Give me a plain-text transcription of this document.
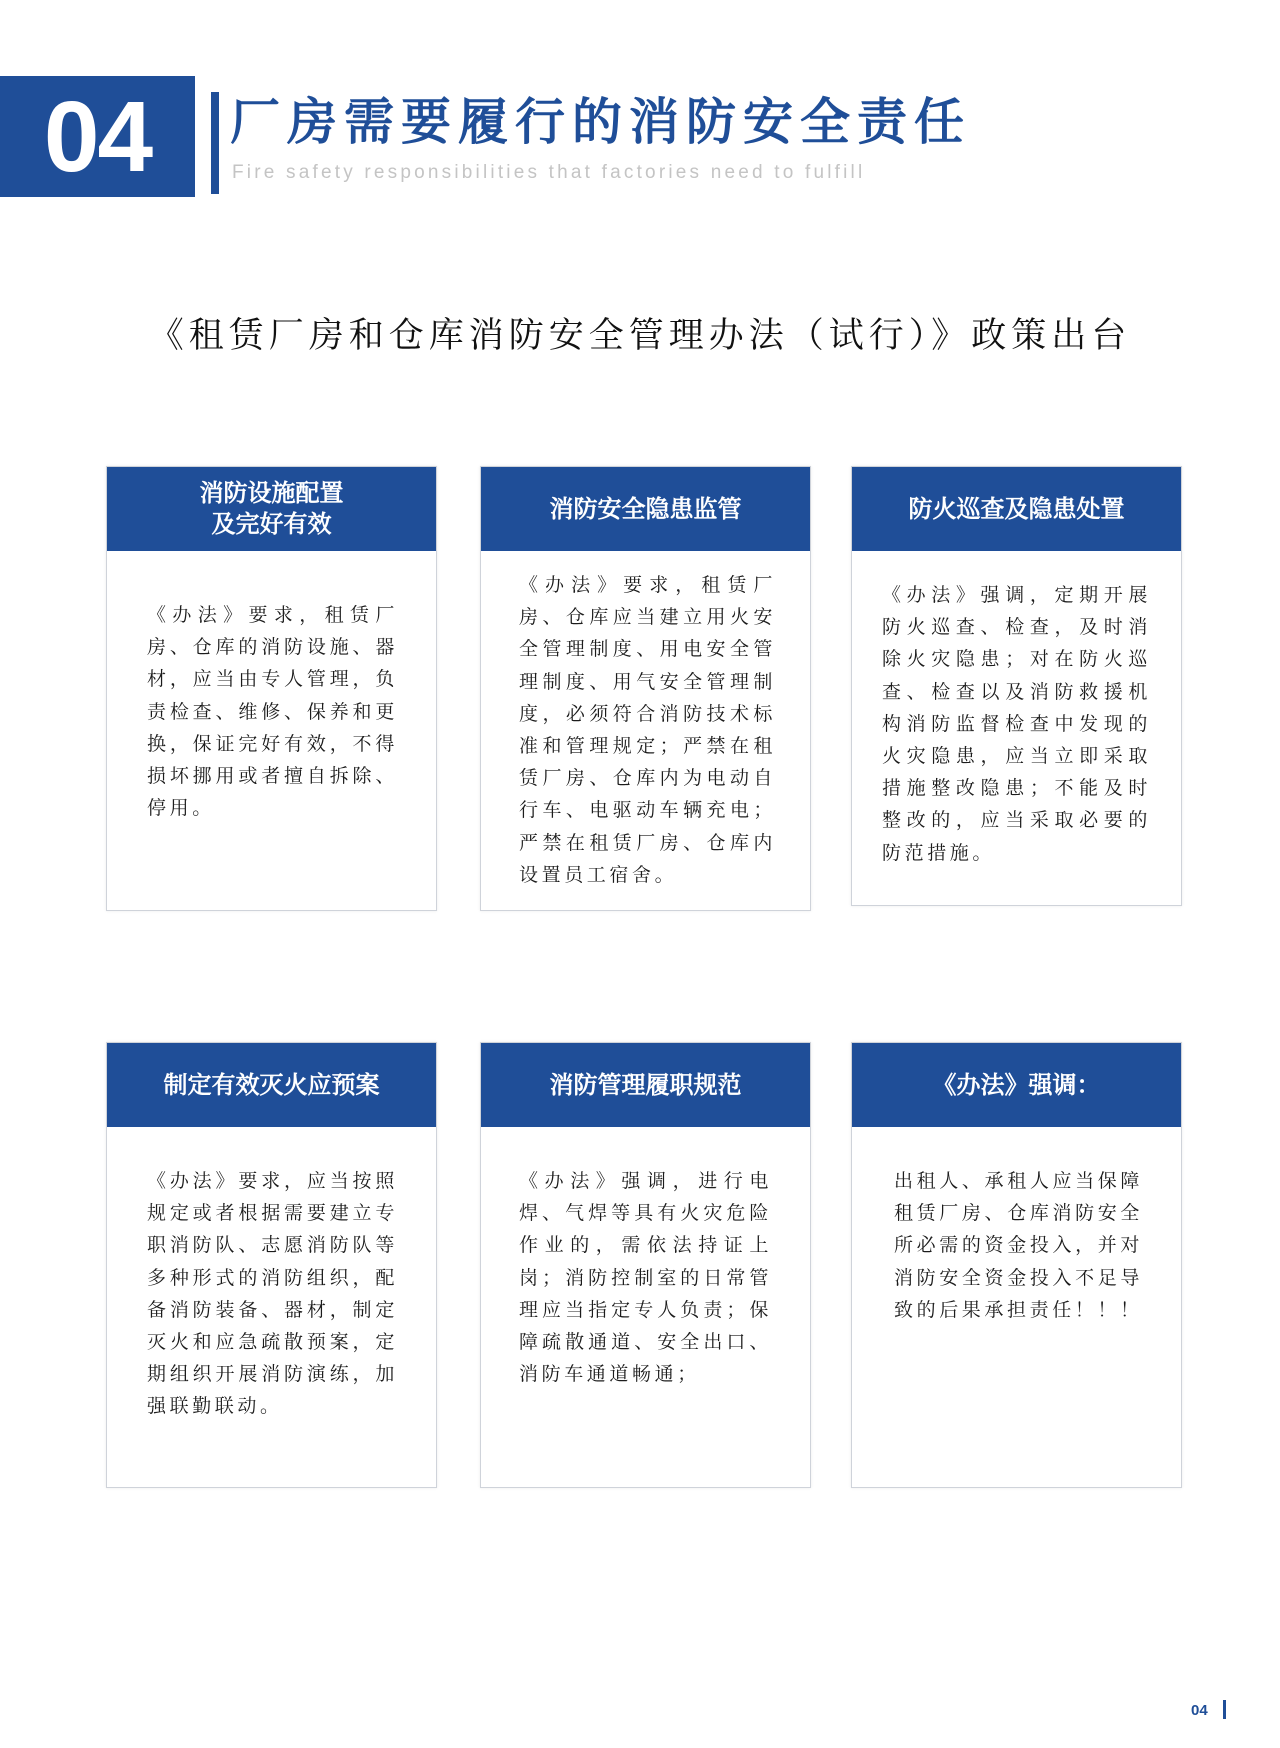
04 厂房需要履行的消防安全责任
Fire safety responsibilities that factories need to fulfill
《租赁厂房和仓库消防安全管理办法（试行）》政策出台
消防设施配置
及完好有效
《办法》要求，租赁厂房、仓库的消防设施、器材，应当由专人管理，负责检查、维修、保养和更换，保证完好有效，不得损坏挪用或者擅自拆除、停用。
消防安全隐患监管
《办法》要求，租赁厂房、仓库应当建立用火安全管理制度、用电安全管理制度、用气安全管理制度，必须符合消防技术标准和管理规定；严禁在租赁厂房、仓库内为电动自行车、电驱动车辆充电；严禁在租赁厂房、仓库内设置员工宿舍。
防火巡查及隐患处置
《办法》强调，定期开展防火巡查、检查，及时消除火灾隐患；对在防火巡查、检查以及消防救援机构消防监督检查中发现的火灾隐患，应当立即采取措施整改隐患；不能及时整改的，应当采取必要的防范措施。
制定有效灭火应预案
《办法》要求，应当按照规定或者根据需要建立专职消防队、志愿消防队等多种形式的消防组织，配备消防装备、器材，制定灭火和应急疏散预案，定期组织开展消防演练，加强联勤联动。
消防管理履职规范
《办法》强调，进行电焊、气焊等具有火灾危险作业的，需依法持证上岗；消防控制室的日常管理应当指定专人负责；保障疏散通道、安全出口、消防车通道畅通；
《办法》强调：
出租人、承租人应当保障租赁厂房、仓库消防安全所必需的资金投入，并对消防安全资金投入不足导致的后果承担责任！！！
04
